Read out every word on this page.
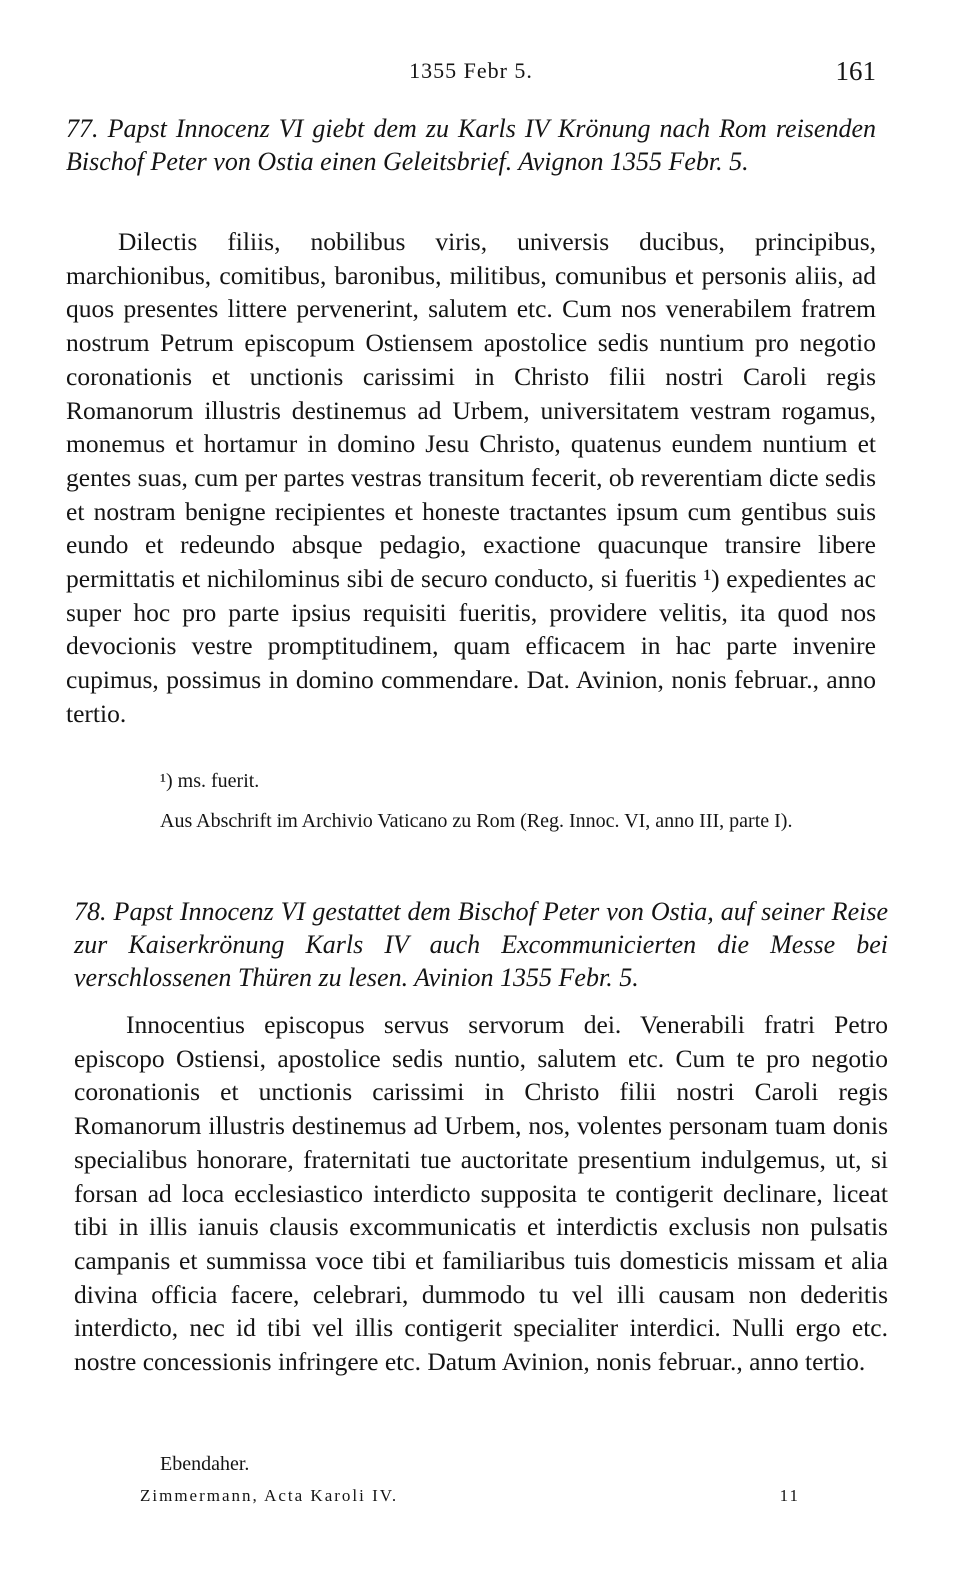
1355 Febr 5.	161
77. Papst Innocenz VI giebt dem zu Karls IV Krönung nach Rom reisenden Bischof Peter von Ostia einen Geleitsbrief. Avignon 1355 Febr. 5.
Dilectis filiis, nobilibus viris, universis ducibus, principibus, marchionibus, comitibus, baronibus, militibus, comunibus et personis aliis, ad quos presentes littere pervenerint, salutem etc. Cum nos venerabilem fratrem nostrum Petrum episcopum Ostiensem apostolice sedis nuntium pro negotio coronationis et unctionis carissimi in Christo filii nostri Caroli regis Romanorum illustris destinemus ad Urbem, universitatem vestram rogamus, monemus et hortamur in domino Jesu Christo, quatenus eundem nuntium et gentes suas, cum per partes vestras transitum fecerit, ob reverentiam dicte sedis et nostram benigne recipientes et honeste tractantes ipsum cum gentibus suis eundo et redeundo absque pedagio, exactione quacunque transire libere permittatis et nichilominus sibi de securo conducto, si fueritis ¹) expedientes ac super hoc pro parte ipsius requisiti fueritis, providere velitis, ita quod nos devocionis vestre promptitudinem, quam efficacem in hac parte invenire cupimus, possimus in domino commendare. Dat. Avinion, nonis februar., anno tertio.
¹) ms. fuerit.
Aus Abschrift im Archivio Vaticano zu Rom (Reg. Innoc. VI, anno III, parte I).
78. Papst Innocenz VI gestattet dem Bischof Peter von Ostia, auf seiner Reise zur Kaiserkrönung Karls IV auch Excommunicierten die Messe bei verschlossenen Thüren zu lesen. Avinion 1355 Febr. 5.
Innocentius episcopus servus servorum dei. Venerabili fratri Petro episcopo Ostiensi, apostolice sedis nuntio, salutem etc. Cum te pro negotio coronationis et unctionis carissimi in Christo filii nostri Caroli regis Romanorum illustris destinemus ad Urbem, nos, volentes personam tuam donis specialibus honorare, fraternitati tue auctoritate presentium indulgemus, ut, si forsan ad loca ecclesiastico interdicto supposita te contigerit declinare, liceat tibi in illis ianuis clausis excommunicatis et interdictis exclusis non pulsatis campanis et summissa voce tibi et familiaribus tuis domesticis missam et alia divina officia facere, celebrari, dummodo tu vel illi causam non dederitis interdicto, nec id tibi vel illis contigerit specialiter interdici. Nulli ergo etc. nostre concessionis infringere etc. Datum Avinion, nonis februar., anno tertio.
Ebendaher.
Zimmermann, Acta Karoli IV.	11
